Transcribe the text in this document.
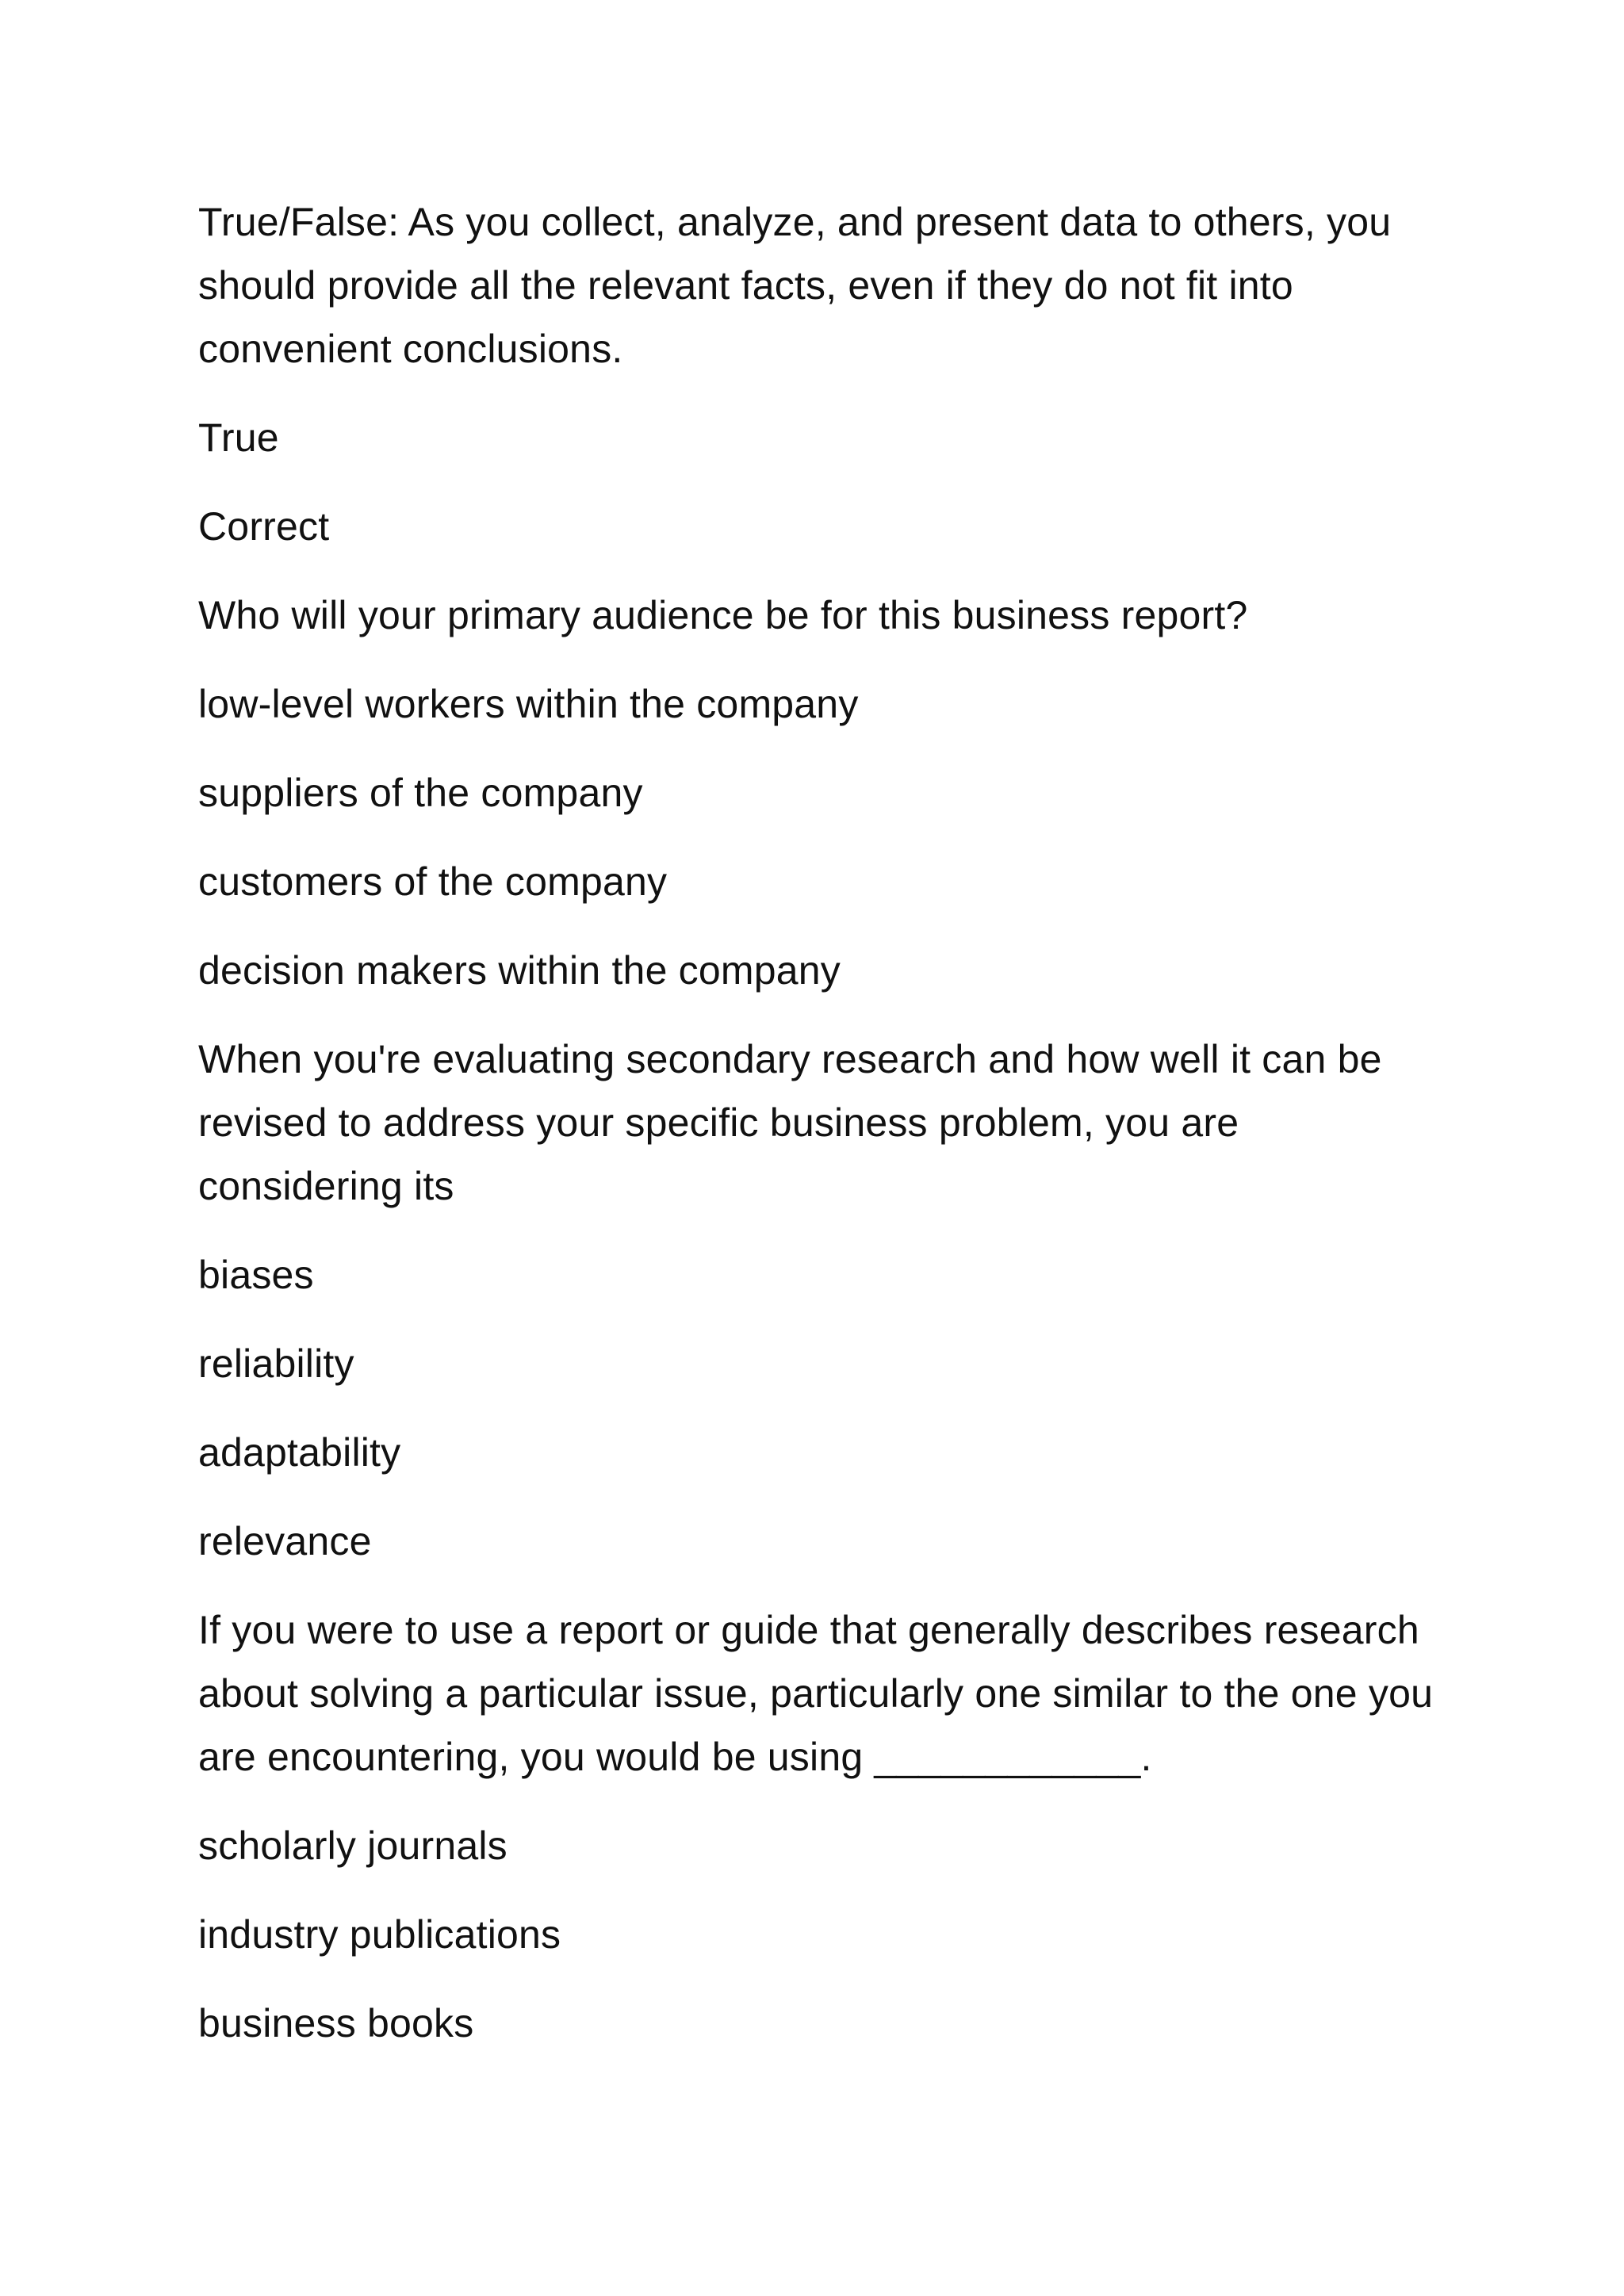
True/False: As you collect, analyze, and present data to others, you should provide all the relevant facts, even if they do not fit into convenient conclusions.

True

Correct

Who will your primary audience be for this business report?

low-level workers within the company

suppliers of the company

customers of the company

decision makers within the company

When you're evaluating secondary research and how well it can be revised to address your specific business problem, you are considering its

biases

reliability

adaptability

relevance

If you were to use a report or guide that generally describes research about solving a particular issue, particularly one similar to the one you are encountering, you would be using ____________.

scholarly journals

industry publications

business books
